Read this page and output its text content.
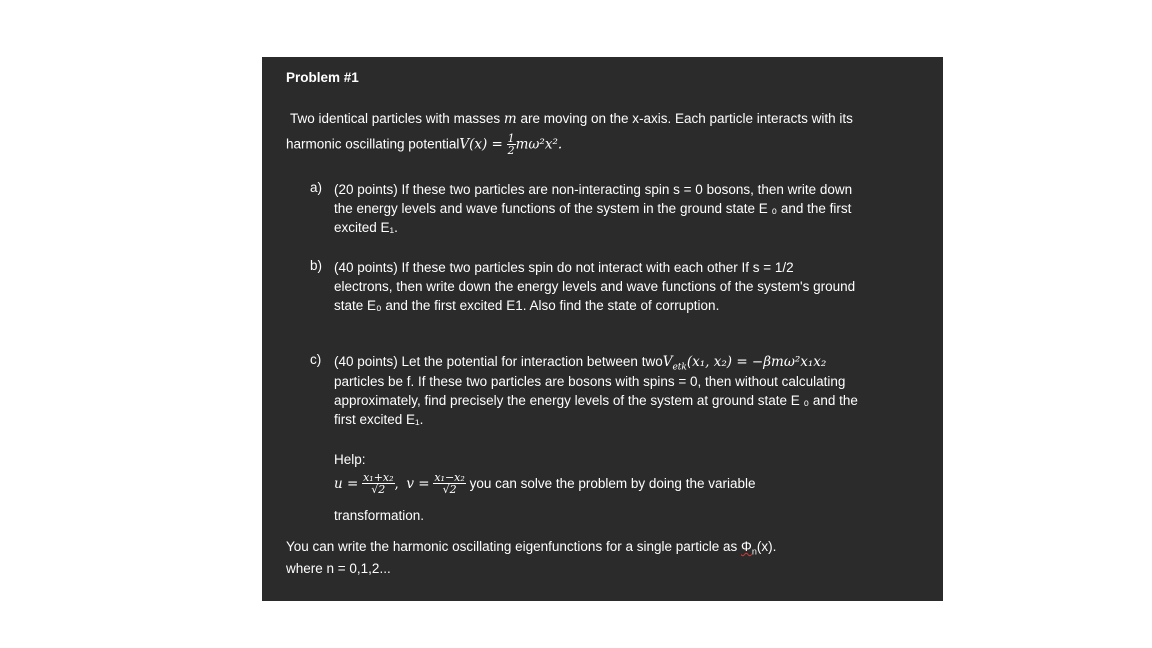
Problem #1
Two identical particles with masses m are moving on the x-axis. Each particle interacts with its
harmonic oscillating potentialV(x) = $\frac{1}{2} m\omega^2x^2$.
a) (20 points) If these two particles are non-interacting spin s = 0 bosons, then write down
the energy levels and wave functions of the system in the ground state E ₀ and the first
excited E₁.
b) (40 points) If these two particles spin do not interact with each other If s = 1/2
electrons, then write down the energy levels and wave functions of the system's ground
state E₀ and the first excited E1. Also find the state of corruption.
c) (40 points) Let the potential for interaction between twoV$_{etk}$(x₁, x₂) = −βmω²x₁x₂
particles be f. If these two particles are bosons with spins = 0, then without calculating
approximately, find precisely the energy levels of the system at ground state E ₀ and the
first excited E₁.
Help:
$u = \frac{\text{x₁+x₂}}{√2}$ , $v = \frac{\text{x₁−x₂}}{√2}$ you can solve the problem by doing the variable
transformation.
You can write the harmonic oscillating eigenfunctions for a single particle as $\Phi_n(x)$.
where n = 0,1,2...
